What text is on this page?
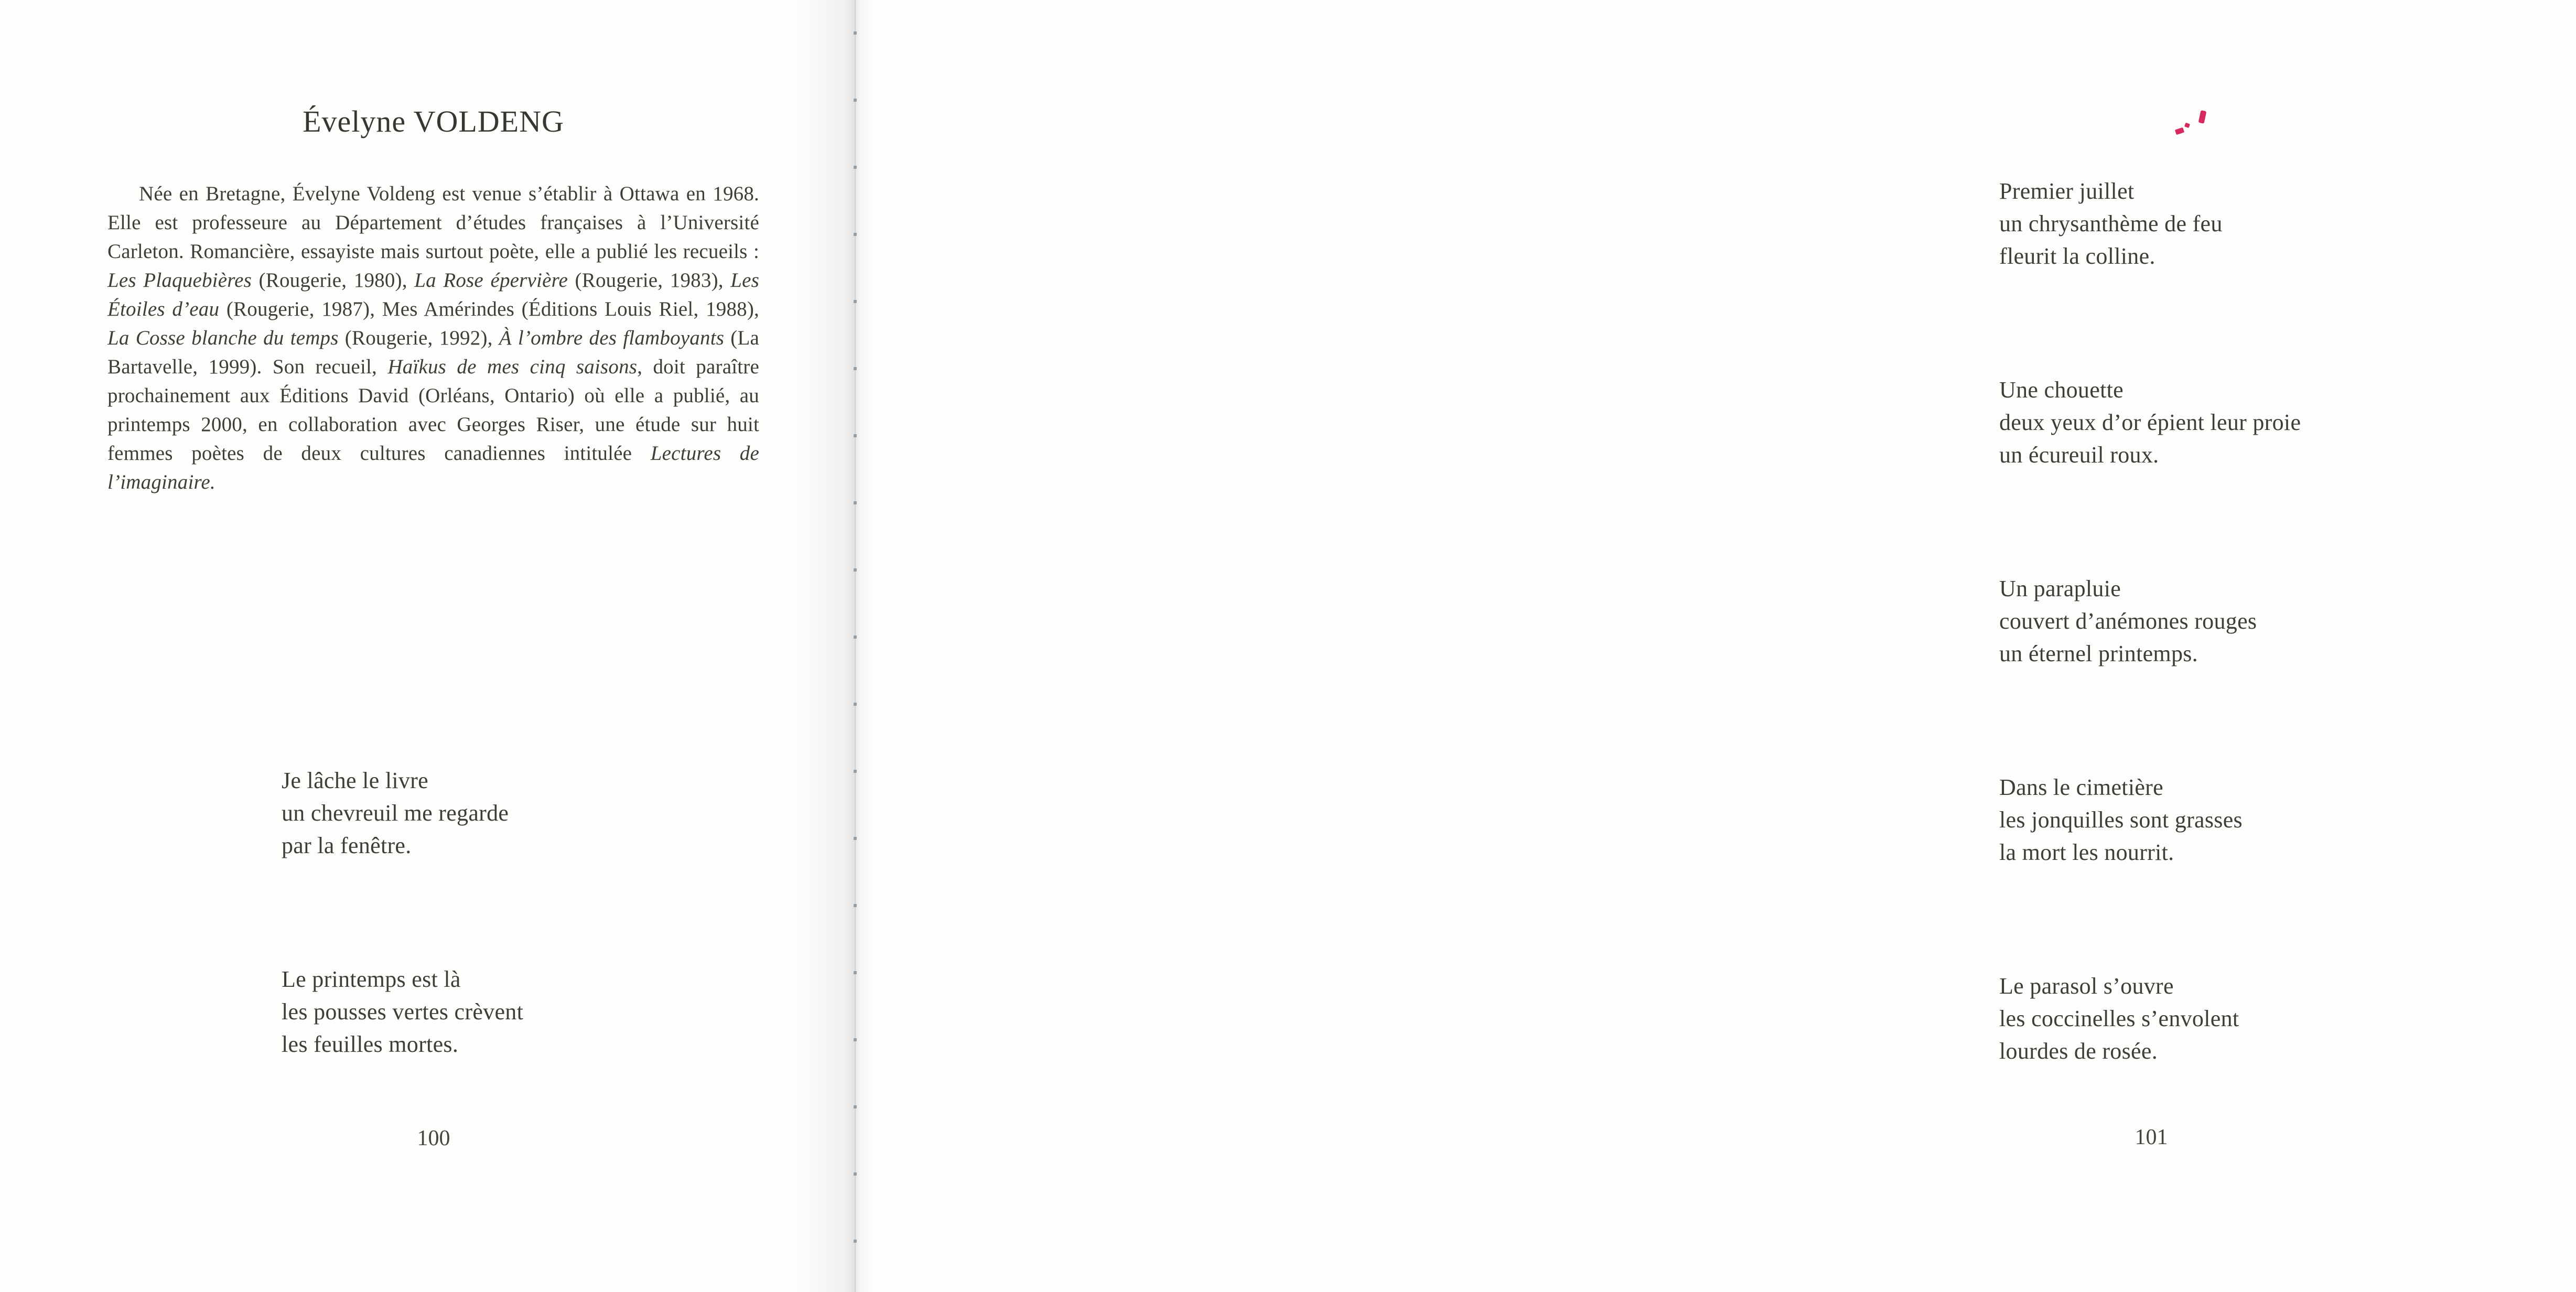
Évelyne VOLDENG

Née en Bretagne, Évelyne Voldeng est venue s’établir à Ottawa en 1968. Elle est professeure au Département d’études françaises à l’Université Carleton. Romancière, essayiste mais surtout poète, elle a publié les recueils : Les Plaquebières (Rougerie, 1980), La Rose épervière (Rougerie, 1983), Les Étoiles d’eau (Rougerie, 1987), Mes Amérindes (Éditions Louis Riel, 1988), La Cosse blanche du temps (Rougerie, 1992), À l’ombre des flamboyants (La Bartavelle, 1999). Son recueil, Haïkus de mes cinq saisons, doit paraître prochainement aux Éditions David (Orléans, Ontario) où elle a publié, au printemps 2000, en collaboration avec Georges Riser, une étude sur huit femmes poètes de deux cultures canadiennes intitulée Lectures de l’imaginaire.

Je lâche le livre
un chevreuil me regarde
par la fenêtre.
Le printemps est là
les pousses vertes crèvent
les feuilles mortes.
100
Premier juillet
un chrysanthème de feu
fleurit la colline.
Une chouette
deux yeux d’or épient leur proie
un écureuil roux.
Un parapluie
couvert d’anémones rouges
un éternel printemps.
Dans le cimetière
les jonquilles sont grasses
la mort les nourrit.
Le parasol s’ouvre
les coccinelles s’envolent
lourdes de rosée.
101
